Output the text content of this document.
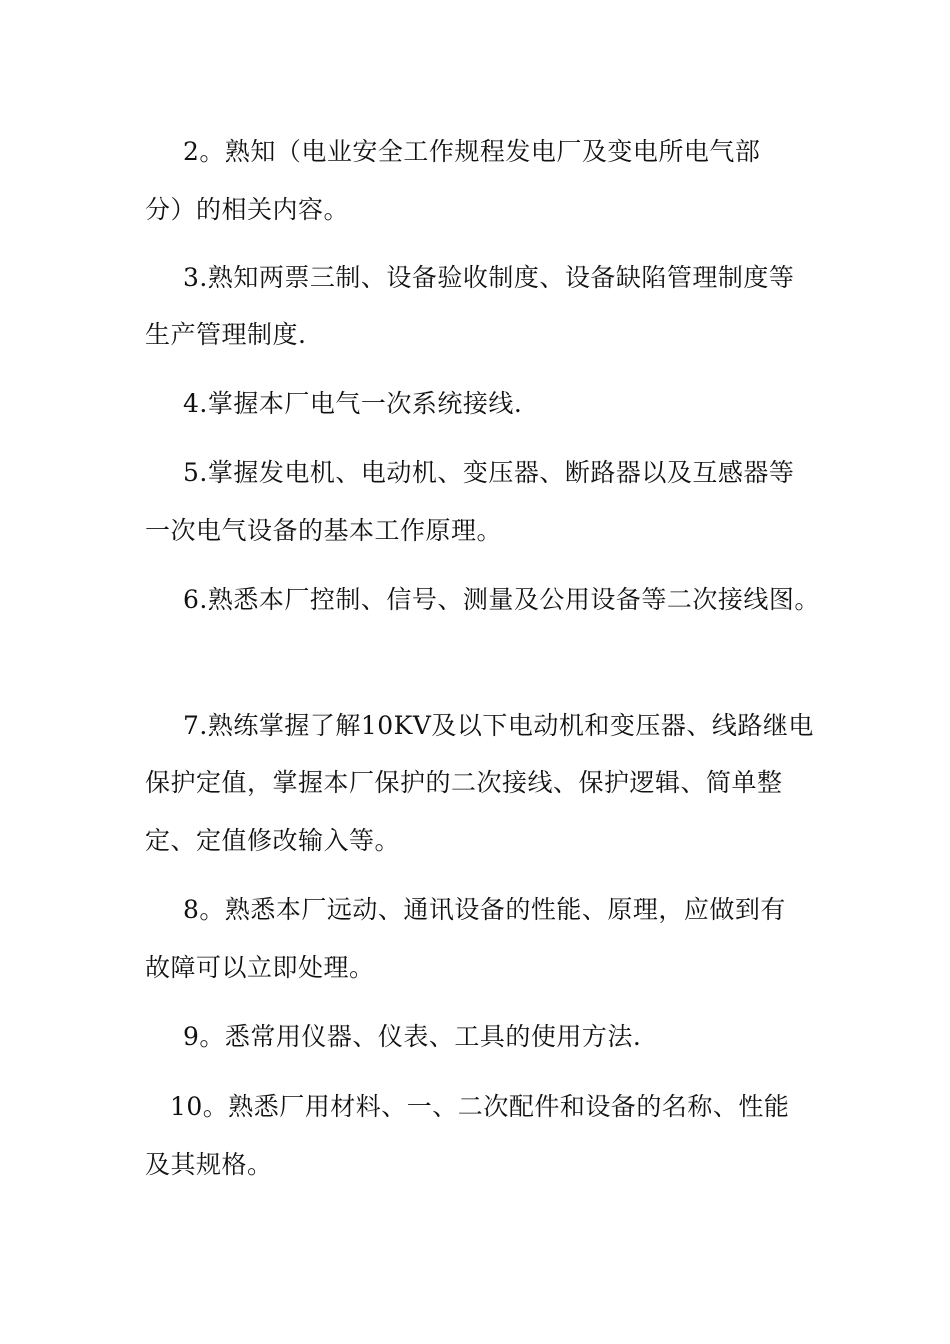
2。熟知（电业安全工作规程发电厂及变电所电气部
分）的相关内容。
3.熟知两票三制、设备验收制度、设备缺陷管理制度等
生产管理制度.
4.掌握本厂电气一次系统接线.
5.掌握发电机、电动机、变压器、断路器以及互感器等
一次电气设备的基本工作原理。
6.熟悉本厂控制、信号、测量及公用设备等二次接线图。
7.熟练掌握了解10KV及以下电动机和变压器、线路继电
保护定值，掌握本厂保护的二次接线、保护逻辑、简单整
定、定值修改输入等。
8。熟悉本厂远动、通讯设备的性能、原理，应做到有
故障可以立即处理。
9。悉常用仪器、仪表、工具的使用方法.
10。熟悉厂用材料、一、二次配件和设备的名称、性能
及其规格。
